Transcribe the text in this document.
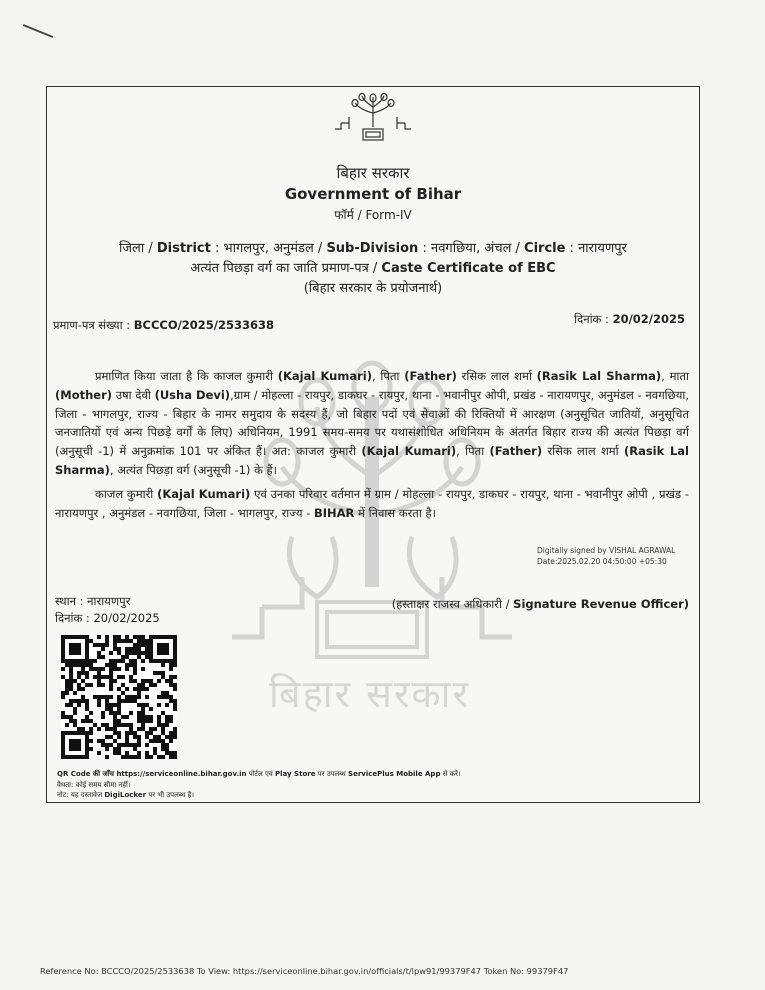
बिहार सरकार
बिहार सरकार
Government of Bihar
फॉर्म / Form-IV
जिला / District : भागलपुर, अनुमंडल / Sub-Division : नवगछिया, अंचल / Circle : नारायणपुर
अत्यंत पिछड़ा वर्ग का जाति प्रमाण-पत्र / Caste Certificate of EBC
(बिहार सरकार के प्रयोजनार्थ)
प्रमाण-पत्र संख्या : BCCCO/2025/2533638	दिनांक : 20/02/2025

प्रमाणित किया जाता है कि काजल कुमारी (Kajal Kumari), पिता (Father) रसिक लाल शर्मा (Rasik Lal Sharma), माता (Mother) उषा देवी (Usha Devi),ग्राम / मोहल्ला - रायपुर, डाकघर - रायपुर, थाना - भवानीपुर ओपी, प्रखंड - नारायणपुर, अनुमंडल - नवगछिया, जिला - भागलपुर, राज्य - बिहार के नामर समुदाय के सदस्य हैं, जो बिहार पदों एवं सेवाओं की रिक्तियों में आरक्षण (अनुसूचित जातियों, अनुसूचित जनजातियों एवं अन्य पिछड़े वर्गों के लिए) अधिनियम, 1991 समय-समय पर यथासंशोधित अधिनियम के अंतर्गत बिहार राज्य की अत्यंत पिछड़ा वर्ग (अनुसूची -1) में अनुक्रमांक 101 पर अंकित हैं। अत: काजल कुमारी (Kajal Kumari), पिता (Father) रसिक लाल शर्मा (Rasik Lal Sharma), अत्यंत पिछड़ा वर्ग (अनुसूची -1) के हैं।

काजल कुमारी (Kajal Kumari) एवं उनका परिवार वर्तमान में ग्राम / मोहल्ला - रायपुर, डाकघर - रायपुर, थाना - भवानीपुर ओपी , प्रखंड - नारायणपुर , अनुमंडल - नवगछिया, जिला - भागलपुर, राज्य - BIHAR में निवास करता है।

Digitally signed by VISHAL AGRAWAL
Date:2025.02.20 04:50:00 +05:30
स्थान : नारायणपुर
दिनांक : 20/02/2025
(हस्ताक्षर राजस्व अधिकारी / Signature Revenue Officer)
QR Code की जाँच https://serviceonline.bihar.gov.in पोर्टल एवं Play Store पर उपलब्ध ServicePlus Mobile App से करें।
वैधता: कोई समय सीमा नहीं।
नोट: यह दस्तावेज DigiLocker पर भी उपलब्ध है।
Reference No: BCCCO/2025/2533638 To View: https://serviceonline.bihar.gov.in/officials/t/lpw91/99379F47 Token No: 99379F47
